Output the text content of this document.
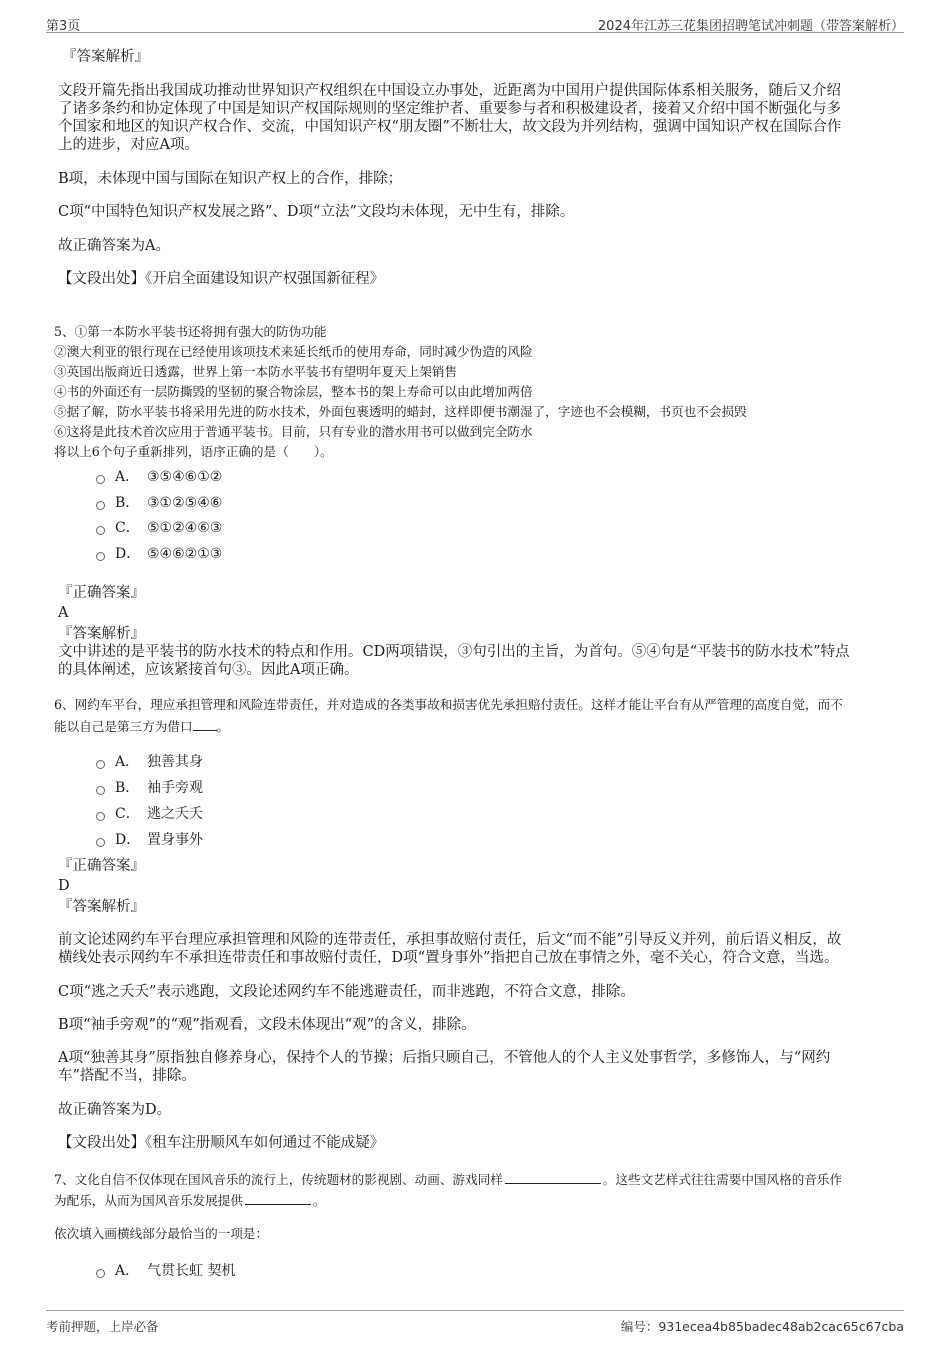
第3页	2024年江苏三花集团招聘笔试冲刺题（带答案解析）
『答案解析』
文段开篇先指出我国成功推动世界知识产权组织在中国设立办事处，近距离为中国用户提供国际体系相关服务，随后又介绍
了诸多条约和协定体现了中国是知识产权国际规则的坚定维护者、重要参与者和积极建设者，接着又介绍中国不断强化与多
个国家和地区的知识产权合作、交流，中国知识产权“朋友圈”不断壮大，故文段为并列结构，强调中国知识产权在国际合作
上的进步，对应A项。
B项，未体现中国与国际在知识产权上的合作，排除；
C项“中国特色知识产权发展之路”、D项“立法”文段均未体现，无中生有，排除。
故正确答案为A。
【文段出处】《开启全面建设知识产权强国新征程》
5、①第一本防水平装书还将拥有强大的防伪功能
②澳大利亚的银行现在已经使用该项技术来延长纸币的使用寿命，同时减少伪造的风险
③英国出版商近日透露，世界上第一本防水平装书有望明年夏天上架销售
④书的外面还有一层防撕毁的坚韧的聚合物涂层，整本书的架上寿命可以由此增加两倍
⑤据了解，防水平装书将采用先进的防水技术，外面包裹透明的蜡封，这样即便书潮湿了，字迹也不会模糊，书页也不会损毁
⑥这将是此技术首次应用于普通平装书。目前，只有专业的潜水用书可以做到完全防水
将以上6个句子重新排列，语序正确的是（　　）。
A． ③⑤④⑥①②
B． ③①②⑤④⑥
C． ⑤①②④⑥③
D． ⑤④⑥②①③
『正确答案』
A
『答案解析』
文中讲述的是平装书的防水技术的特点和作用。CD两项错误，③句引出的主旨，为首句。⑤④句是“平装书的防水技术”特点
的具体阐述，应该紧接首句③。因此A项正确。
6、网约车平台，理应承担管理和风险连带责任，并对造成的各类事故和损害优先承担赔付责任。这样才能让平台有从严管理的高度自觉，而不
能以自己是第三方为借口 。
A． 独善其身
B． 袖手旁观
C． 逃之夭夭
D． 置身事外
『正确答案』
D
『答案解析』
前文论述网约车平台理应承担管理和风险的连带责任，承担事故赔付责任，后文“而不能”引导反义并列，前后语义相反，故
横线处表示网约车不承担连带责任和事故赔付责任，D项“置身事外”指把自己放在事情之外，毫不关心，符合文意，当选。
C项“逃之夭夭”表示逃跑，文段论述网约车不能逃避责任，而非逃跑，不符合文意，排除。
B项“袖手旁观”的“观”指观看，文段未体现出“观”的含义，排除。
A项“独善其身”原指独自修养身心，保持个人的节操；后指只顾自己，不管他人的个人主义处事哲学，多修饰人，与“网约
车”搭配不当，排除。
故正确答案为D。
【文段出处】《租车注册顺风车如何通过不能成疑》
7、文化自信不仅体现在国风音乐的流行上，传统题材的影视剧、动画、游戏同样	。这些文艺样式往往需要中国风格的音乐作
为配乐，从而为国风音乐发展提供	。
依次填入画横线部分最恰当的一项是：
A． 气贯长虹 契机
考前押题，上岸必备	编号：931ecea4b85badec48ab2cac65c67cba
